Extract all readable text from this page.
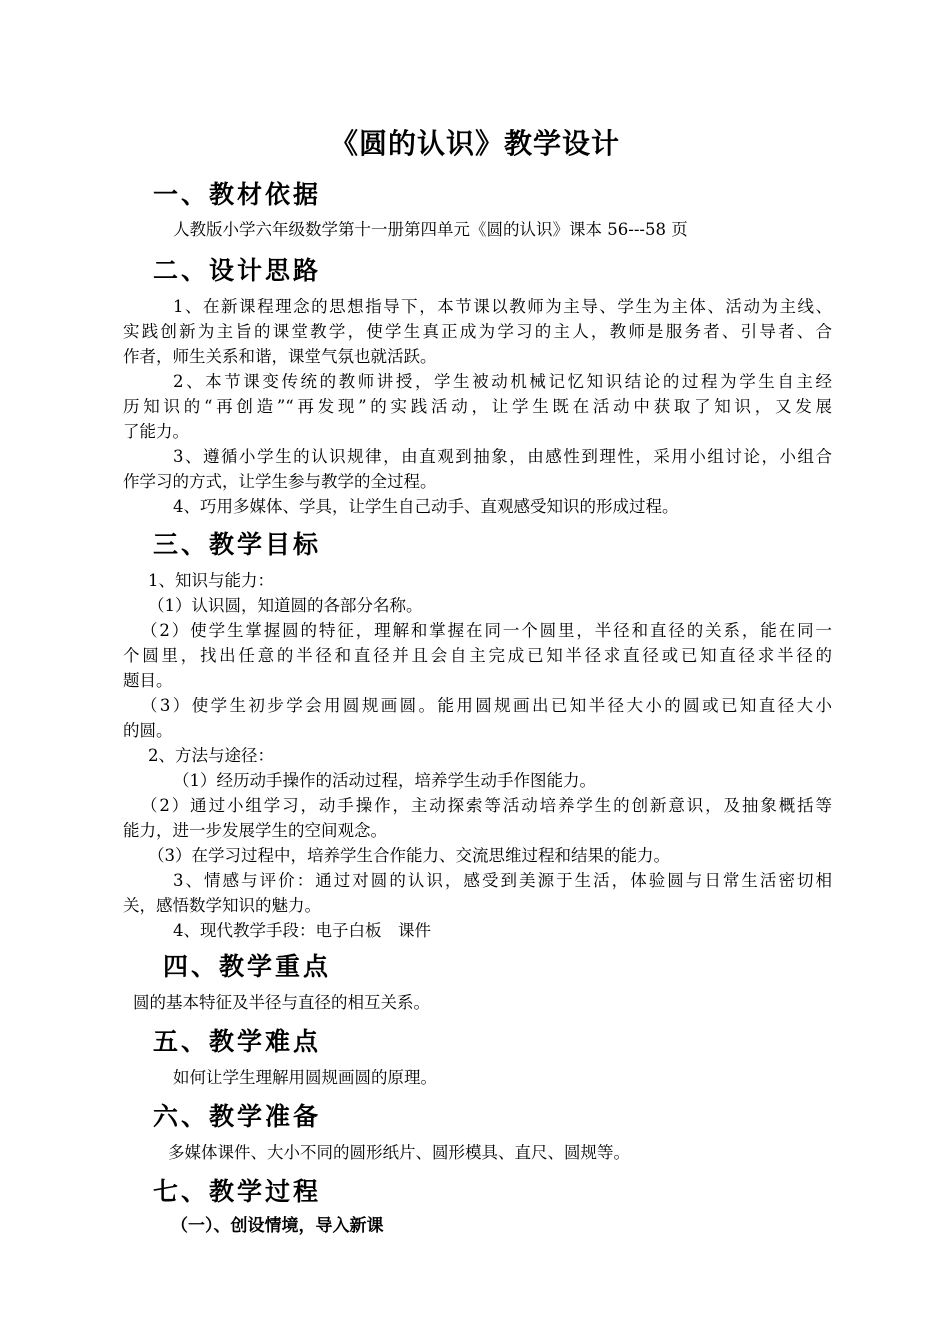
《圆的认识》教学设计
一、教材依据
人教版小学六年级数学第十一册第四单元《圆的认识》课本 56---58 页
二、设计思路
1、在新课程理念的思想指导下，本节课以教师为主导、学生为主体、活动为主线、
实践创新为主旨的课堂教学，使学生真正成为学习的主人，教师是服务者、引导者、合
作者，师生关系和谐，课堂气氛也就活跃。
2、本节课变传统的教师讲授，学生被动机械记忆知识结论的过程为学生自主经
历知识的“再创造”“再发现”的实践活动，让学生既在活动中获取了知识，又发展
了能力。
3、遵循小学生的认识规律，由直观到抽象，由感性到理性，采用小组讨论，小组合
作学习的方式，让学生参与教学的全过程。
4、巧用多媒体、学具，让学生自己动手、直观感受知识的形成过程。
三、教学目标
1、知识与能力：
（1）认识圆，知道圆的各部分名称。
（2）使学生掌握圆的特征，理解和掌握在同一个圆里，半径和直径的关系，能在同一
个圆里，找出任意的半径和直径并且会自主完成已知半径求直径或已知直径求半径的
题目。
（3）使学生初步学会用圆规画圆。能用圆规画出已知半径大小的圆或已知直径大小
的圆。
2、方法与途径：
（1）经历动手操作的活动过程，培养学生动手作图能力。
（2）通过小组学习，动手操作，主动探索等活动培养学生的创新意识，及抽象概括等
能力，进一步发展学生的空间观念。
（3）在学习过程中，培养学生合作能力、交流思维过程和结果的能力。
3、情感与评价：通过对圆的认识，感受到美源于生活，体验圆与日常生活密切相
关，感悟数学知识的魅力。
4、现代教学手段：电子白板　课件
四、教学重点
圆的基本特征及半径与直径的相互关系。
五、教学难点
如何让学生理解用圆规画圆的原理。
六、教学准备
多媒体课件、大小不同的圆形纸片、圆形模具、直尺、圆规等。
七、教学过程
（一）、创设情境，导入新课
